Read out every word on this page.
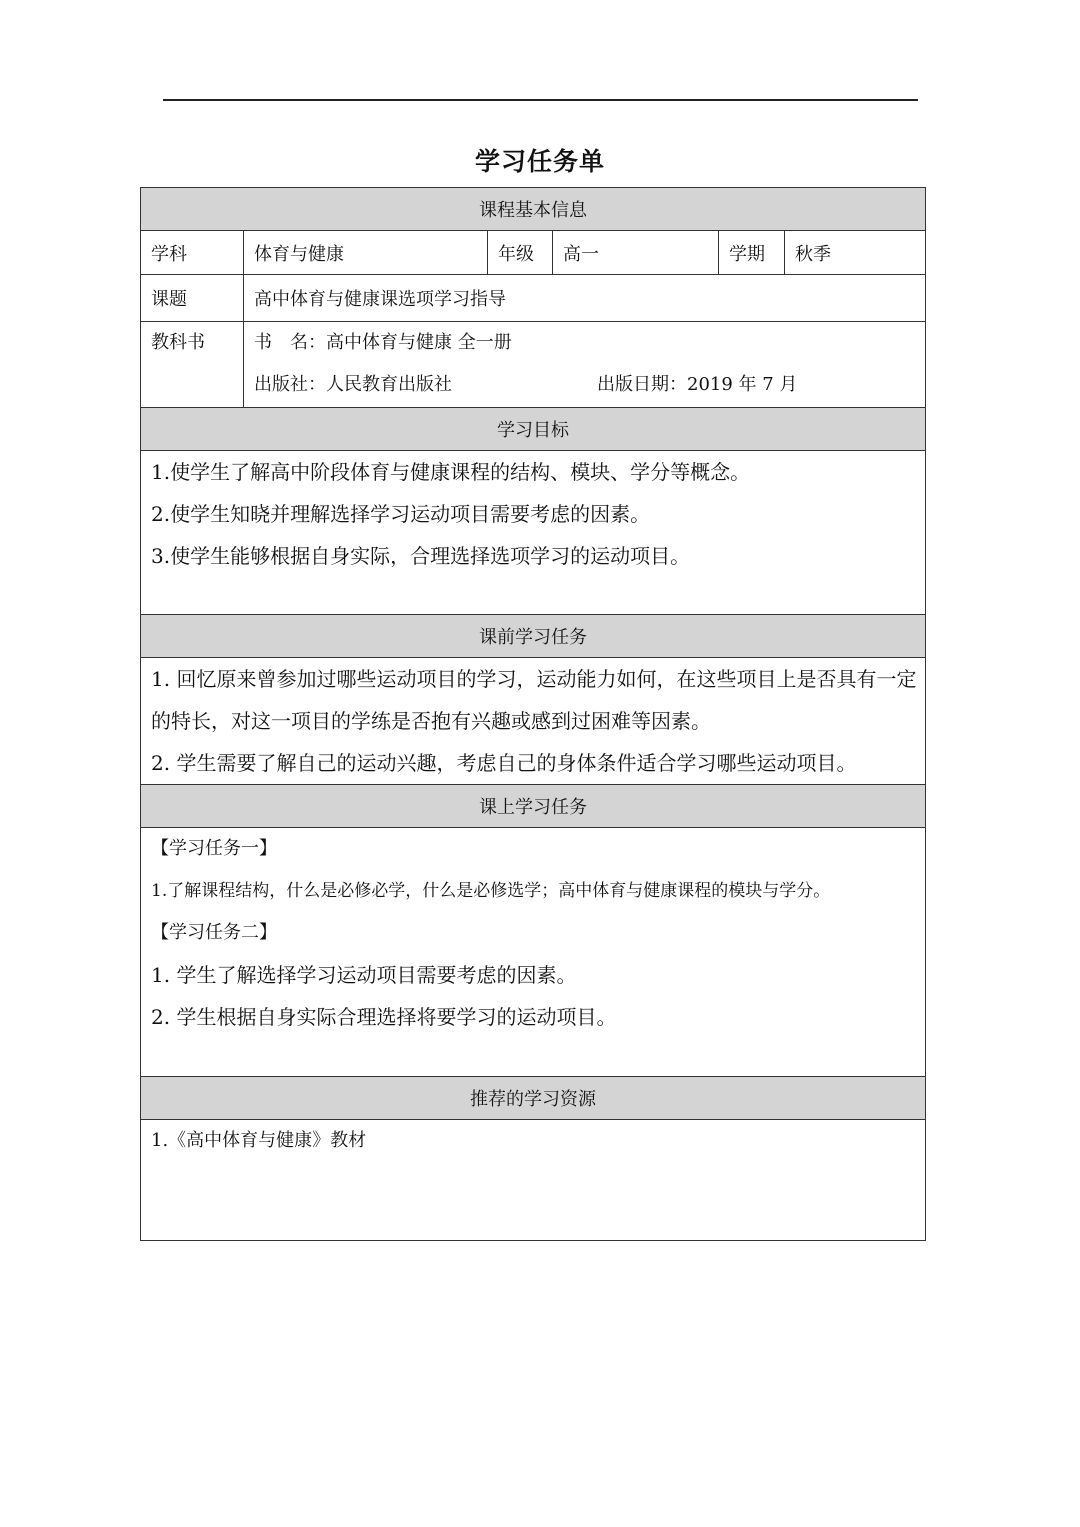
学习任务单
课程基本信息					
学科	体育与健康	年级	高一	学期	秋季
课题	高中体育与健康课选项学习指导				

教科书	书　名：高中体育与健康 全一册
出版社：人民教育出版社 出版日期：2019 年 7 月				

学习目标					

1.使学生了解高中阶段体育与健康课程的结构、模块、学分等概念。
2.使学生知晓并理解选择学习运动项目需要考虑的因素。
3.使学生能够根据自身实际，合理选择选项学习的运动项目。					

课前学习任务					

1. 回忆原来曾参加过哪些运动项目的学习，运动能力如何，在这些项目上是否具有一定的特长，对这一项目的学练是否抱有兴趣或感到过困难等因素。
2. 学生需要了解自己的运动兴趣，考虑自己的身体条件适合学习哪些运动项目。					

课上学习任务					

【学习任务一】
1.了解课程结构，什么是必修必学，什么是必修选学；高中体育与健康课程的模块与学分。
【学习任务二】
1. 学生了解选择学习运动项目需要考虑的因素。
2. 学生根据自身实际合理选择将要学习的运动项目。					

推荐的学习资源					

1.《高中体育与健康》教材					
